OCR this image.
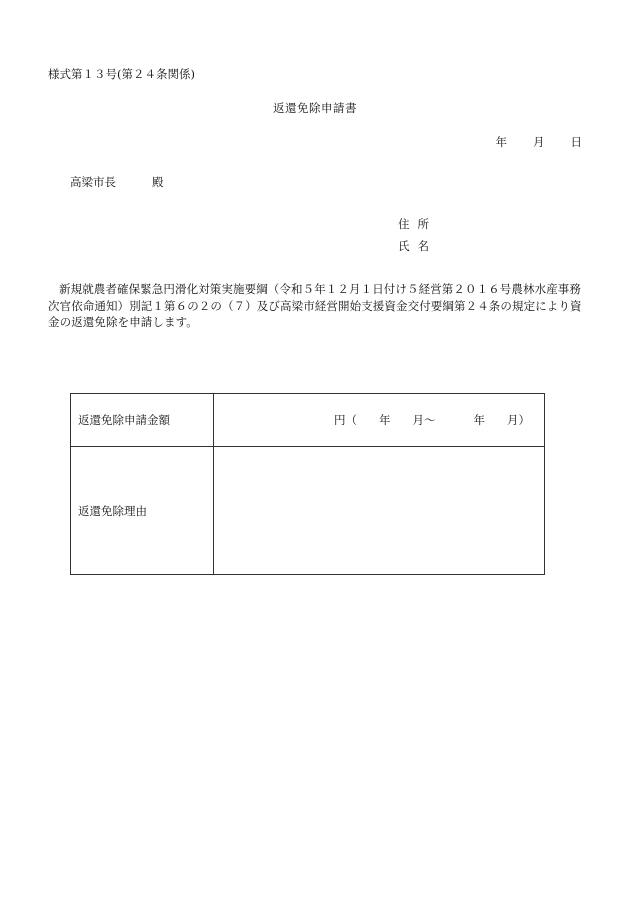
様式第１３号(第２４条関係)
返還免除申請書
年 月 日
高梁市長	殿
住所
氏名
新規就農者確保緊急円滑化対策実施要綱（令和５年１２月１日付け５経営第２０１６号農林水産事務次官依命通知）別記１第６の２の（７）及び高梁市経営開始支援資金交付要綱第２４条の規定により資金の返還免除を申請します。
返還免除申請金額	円（ 年 月〜 年 月）
返還免除理由	
